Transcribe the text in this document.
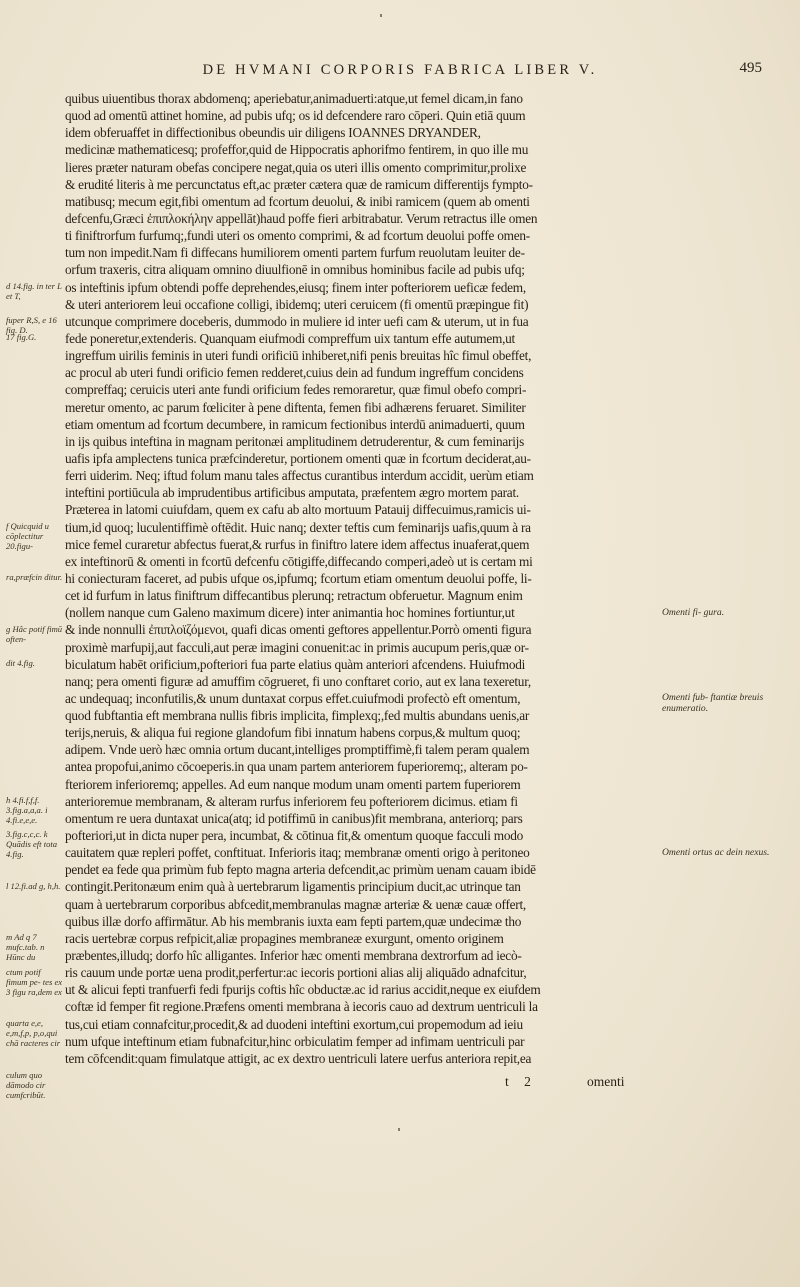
DE HVMANI CORPORIS FABRICA LIBER V.	495
quibus uiuentibus thorax abdomenq; aperiebatur,animaduerti:atque,ut femel dicam,in fano
quod ad omentū attinet homine, ad pubis ufq; os id defcendere raro cōperi. Quin etiā quum
idem obferuaffet in diffectionibus obeundis uir diligens IOANNES DRYANDER,
medicinæ mathematicesq; profeffor,quid de Hippocratis aphorifmo fentirem, in quo ille mu
lieres præter naturam obefas concipere negat,quia os uteri illis omento comprimitur,prolixe
& erudité literis à me percunctatus eft,ac præter cætera quæ de ramicum differentijs fympto-
matibusq; mecum egit,fibi omentum ad fcortum deuolui, & inibi ramicem (quem ab omenti
defcenfu,Græci ἐπιπλοκήλην appellāt)haud poffe fieri arbitrabatur. Verum retractus ille omen
ti finiftrorfum furfumq;,fundi uteri os omento comprimi, & ad fcortum deuolui poffe omen-
tum non impedit.Nam fi diffecans humiliorem omenti partem furfum reuolutam leuiter de-
orfum traxeris, citra aliquam omnino diuulfionē in omnibus hominibus facile ad pubis ufq;
os inteftinis ipfum obtendi poffe deprehendes,eiusq; finem inter pofteriorem ueficæ fedem,
& uteri anteriorem leui occafione colligi, ibidemq; uteri ceruicem (fi omentū præpingue fit)
utcunque comprimere doceberis, dummodo in muliere id inter uefi cam & uterum, ut in fua
fede poneretur,extenderis. Quanquam eiufmodi compreffum uix tantum effe autumem,ut
ingreffum uirilis feminis in uteri fundi orificiū inhiberet,nifi penis breuitas hîc fimul obeffet,
ac procul ab uteri fundi orificio femen redderet,cuius dein ad fundum ingreffum concidens
compreffaq; ceruicis uteri ante fundi orificium fedes remoraretur, quæ fimul obefo compri-
meretur omento, ac parum fœliciter à pene diftenta, femen fibi adhærens feruaret. Similiter
etiam omentum ad fcortum decumbere, in ramicum fectionibus interdū animaduerti, quum
in ijs quibus inteftina in magnam peritonæi amplitudinem detruderentur, & cum feminarijs
uafis ipfa amplectens tunica præfcinderetur, portionem omenti quæ in fcortum deciderat,au-
ferri uiderim. Neq; iftud folum manu tales affectus curantibus interdum accidit, uerùm etiam
inteftini portiūcula ab imprudentibus artificibus amputata, præfentem ægro mortem parat.
Præterea in latomi cuiufdam, quem ex cafu ab alto mortuum Patauij diffecuimus,ramicis ui-
tium,id quoq; luculentiffimè oftēdit. Huic nanq; dexter teftis cum feminarijs uafis,quum à ra
mice femel curaretur abfectus fuerat,& rurfus in finiftro latere idem affectus inuaferat,quem
ex inteftinorū & omenti in fcortū defcenfu cōtigiffe,diffecando comperi,adeò ut is certam mi
hi coniecturam faceret, ad pubis ufque os,ipfumq; fcortum etiam omentum deuolui poffe, li-
cet id furfum in latus finiftrum diffecantibus plerunq; retractum obferuetur. Magnum enim
(nollem nanque cum Galeno maximum dicere) inter animantia hoc homines fortiuntur,ut
& inde nonnulli ἐπιπλοϊζόμενοι, quafi dicas omenti geftores appellentur.Porrò omenti figura
proximè marfupij,aut facculi,aut peræ imagini conuenit:ac in primis aucupum peris,quæ or-
biculatum habēt orificium,pofteriori fua parte elatius quàm anteriori afcendens. Huiufmodi
nanq; pera omenti figuræ ad amuffim cōgrueret, fi uno conftaret corio, aut ex lana texeretur,
ac undequaq; inconfutilis,& unum duntaxat corpus effet.cuiufmodi profectò eft omentum,
quod fubftantia eft membrana nullis fibris implicita, fimplexq;,fed multis abundans uenis,ar
terijs,neruis, & aliqua fui regione glandofum fibi innatum habens corpus,& multum quoq;
adipem. Vnde uerò hæc omnia ortum ducant,intelliges promptiffimè,fi talem peram qualem
antea propofui,animo cōcoeperis.in qua unam partem anteriorem fuperioremq;, alteram po-
fteriorem inferioremq; appelles. Ad eum nanque modum unam omenti partem fuperiorem
anterioremue membranam, & alteram rurfus inferiorem feu pofteriorem dicimus. etiam fi
omentum re uera duntaxat unica(atq; id potiffimū in canibus)fit membrana, anteriorq; pars
pofteriori,ut in dicta nuper pera, incumbat, & cōtinua fit,& omentum quoque facculi modo
cauitatem quæ repleri poffet, conftituat. Inferioris itaq; membranæ omenti origo à peritoneo
pendet ea fede qua primùm fub fepto magna arteria defcendit,ac primùm uenam cauam ibidē
contingit.Peritonæum enim quà à uertebrarum ligamentis principium ducit,ac utrinque tan
quam à uertebrarum corporibus abfcedit,membranulas magnæ arteriæ & uenæ cauæ offert,
quibus illæ dorfo affirmātur. Ab his membranis iuxta eam fepti partem,quæ undecimæ tho
racis uertebræ corpus refpicit,aliæ propagines membraneæ exurgunt, omento originem
præbentes,illudq; dorfo hîc alligantes. Inferior hæc omenti membrana dextrorfum ad iecò-
ris cauum unde portæ uena prodit,perfertur:ac iecoris portioni alias alij aliquādo adnafcitur,
ut & alicui fepti tranfuerfi fedi fpurijs coftis hîc obductæ.ac id rarius accidit,neque ex eiufdem
coftæ id femper fit regione.Præfens omenti membrana à iecoris cauo ad dextrum uentriculi la
tus,cui etiam connafcitur,procedit,& ad duodeni inteftini exortum,cui propemodum ad ieiu
num ufque inteftinum etiam fubnafcitur,hinc orbiculatim femper ad infimam uentriculi par
tem cōfcendit:quam fimulatque attigit, ac ex dextro uentriculi latere uerfus anteriora repit,ea
d 14.fig. in ter L et T,
fuper R,S, e 16 fig. D.
17 fig.G.
f Quicquid u cōplectitur 20.figu-
ra,præfcin ditur.
g Hâc potif fimū often-
dit 4.fig.
h 4.fi.f,f,f. 3.fig.a,a,a. i 4.fi.e,e,e.
3.fig.c,c,c. k Quādis eft tota 4.fig.
l 12.fi.ad g, h,h.
m Ad q 7 mufc.tab. n Hūnc du
ctum potif fimum pe- tes ex 3 figu ra,dem ex
quarta e,e, e,m,f,p, p,o,qui chā racteres cir
culum quo dāmodo cir cumfcribūt.
Omenti fi- gura.
Omenti fub- ftantiæ breuis enumeratio.
Omenti ortus ac dein nexus.
t 2	omenti
